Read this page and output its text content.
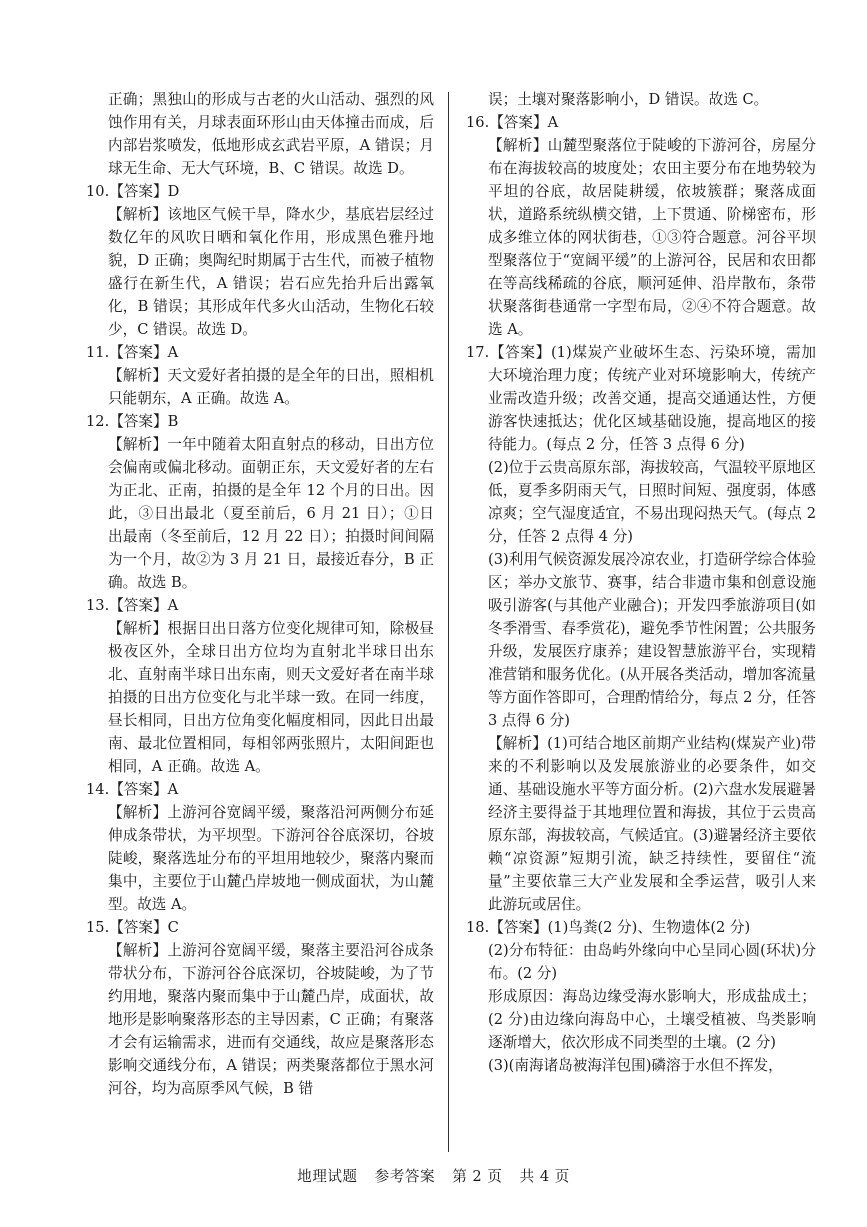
正确；黑独山的形成与古老的火山活动、强烈的风蚀作用有关，月球表面环形山由天体撞击而成，后内部岩浆喷发，低地形成玄武岩平原，A 错误；月球无生命、无大气环境，B、C 错误。故选 D。

10.【答案】D

【解析】该地区气候干旱，降水少，基底岩层经过数亿年的风吹日晒和氧化作用，形成黑色雅丹地貌，D 正确；奥陶纪时期属于古生代，而被子植物盛行在新生代，A 错误；岩石应先抬升后出露氧化，B 错误；其形成年代多火山活动，生物化石较少，C 错误。故选 D。

11.【答案】A

【解析】天文爱好者拍摄的是全年的日出，照相机只能朝东，A 正确。故选 A。

12.【答案】B

【解析】一年中随着太阳直射点的移动，日出方位会偏南或偏北移动。面朝正东，天文爱好者的左右为正北、正南，拍摄的是全年 12 个月的日出。因此，③日出最北（夏至前后，6 月 21 日）；①日出最南（冬至前后，12 月 22 日）；拍摄时间间隔为一个月，故②为 3 月 21 日，最接近春分，B 正确。故选 B。

13.【答案】A

【解析】根据日出日落方位变化规律可知，除极昼极夜区外，全球日出方位均为直射北半球日出东北、直射南半球日出东南，则天文爱好者在南半球拍摄的日出方位变化与北半球一致。在同一纬度，昼长相同，日出方位角变化幅度相同，因此日出最南、最北位置相同，每相邻两张照片，太阳间距也相同，A 正确。故选 A。

14.【答案】A

【解析】上游河谷宽阔平缓，聚落沿河两侧分布延伸成条带状，为平坝型。下游河谷谷底深切，谷坡陡峻，聚落选址分布的平坦用地较少，聚落内聚而集中，主要位于山麓凸岸坡地一侧成面状，为山麓型。故选 A。

15.【答案】C

【解析】上游河谷宽阔平缓，聚落主要沿河谷成条带状分布，下游河谷谷底深切，谷坡陡峻，为了节约用地，聚落内聚而集中于山麓凸岸，成面状，故地形是影响聚落形态的主导因素，C 正确；有聚落才会有运输需求，进而有交通线，故应是聚落形态影响交通线分布，A 错误；两类聚落都位于黑水河河谷，均为高原季风气候，B 错

误；土壤对聚落影响小，D 错误。故选 C。

16.【答案】A

【解析】山麓型聚落位于陡峻的下游河谷，房屋分布在海拔较高的坡度处；农田主要分布在地势较为平坦的谷底，故居陡耕缓，依坡簇群；聚落成面状，道路系统纵横交错，上下贯通、阶梯密布，形成多维立体的网状街巷，①③符合题意。河谷平坝型聚落位于“宽阔平缓”的上游河谷，民居和农田都在等高线稀疏的谷底，顺河延伸、沿岸散布，条带状聚落街巷通常一字型布局，②④不符合题意。故选 A。

17.【答案】(1)煤炭产业破坏生态、污染环境，需加大环境治理力度；传统产业对环境影响大，传统产业需改造升级；改善交通，提高交通通达性，方便游客快速抵达；优化区域基础设施，提高地区的接待能力。(每点 2 分，任答 3 点得 6 分)

(2)位于云贵高原东部，海拔较高，气温较平原地区低，夏季多阴雨天气，日照时间短、强度弱，体感凉爽；空气湿度适宜，不易出现闷热天气。(每点 2 分，任答 2 点得 4 分)

(3)利用气候资源发展冷凉农业，打造研学综合体验区；举办文旅节、赛事，结合非遗市集和创意设施吸引游客(与其他产业融合)；开发四季旅游项目(如冬季滑雪、春季赏花)，避免季节性闲置；公共服务升级，发展医疗康养；建设智慧旅游平台，实现精准营销和服务优化。(从开展各类活动，增加客流量等方面作答即可，合理酌情给分，每点 2 分，任答 3 点得 6 分)

【解析】(1)可结合地区前期产业结构(煤炭产业)带来的不利影响以及发展旅游业的必要条件，如交通、基础设施水平等方面分析。(2)六盘水发展避暑经济主要得益于其地理位置和海拔，其位于云贵高原东部，海拔较高，气候适宜。(3)避暑经济主要依赖“凉资源”短期引流，缺乏持续性，要留住“流量”主要依靠三大产业发展和全季运营，吸引人来此游玩或居住。

18.【答案】(1)鸟粪(2 分)、生物遗体(2 分)

(2)分布特征：由岛屿外缘向中心呈同心圆(环状)分布。(2 分)

形成原因：海岛边缘受海水影响大，形成盐成土；(2 分)由边缘向海岛中心，土壤受植被、鸟类影响逐渐增大，依次形成不同类型的土壤。(2 分)

(3)(南海诸岛被海洋包围)磷溶于水但不挥发，

地理试题 参考答案 第 2 页 共 4 页
